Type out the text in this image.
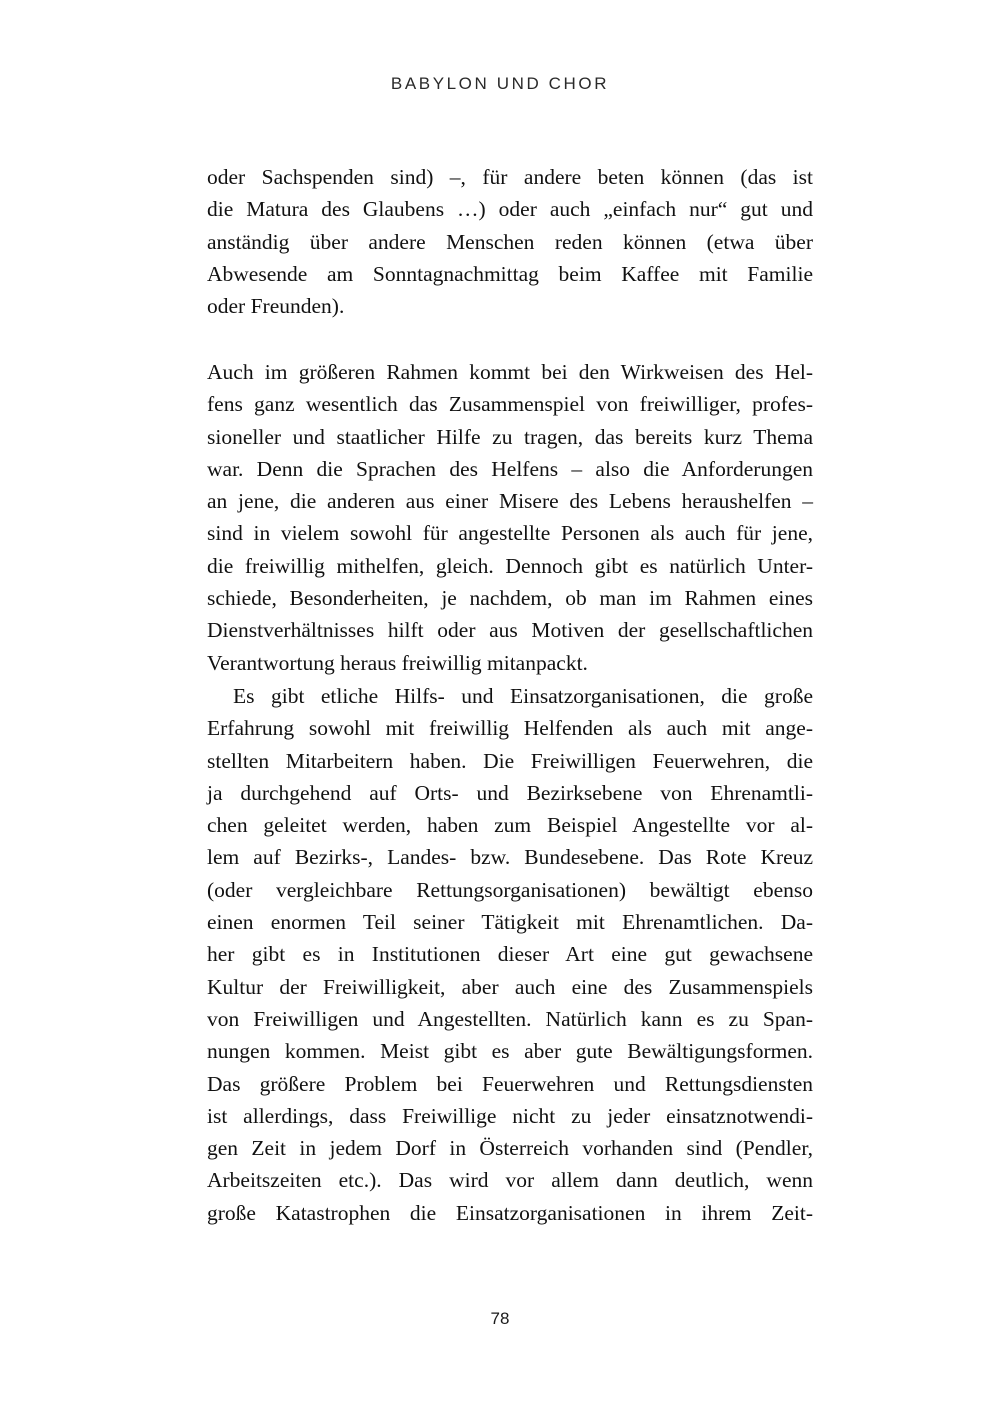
BABYLON UND CHOR
oder Sachspenden sind) –, für andere beten können (das ist
die Matura des Glaubens …) oder auch „einfach nur“ gut und
anständig über andere Menschen reden können (etwa über
Abwesende am Sonntagnachmittag beim Kaffee mit Familie
oder Freunden).
Auch im größeren Rahmen kommt bei den Wirkweisen des Hel-
fens ganz wesentlich das Zusammenspiel von freiwilliger, profes-
sioneller und staatlicher Hilfe zu tragen, das bereits kurz Thema
war. Denn die Sprachen des Helfens – also die Anforderungen
an jene, die anderen aus einer Misere des Lebens heraushelfen –
sind in vielem sowohl für angestellte Personen als auch für jene,
die freiwillig mithelfen, gleich. Dennoch gibt es natürlich Unter-
schiede, Besonderheiten, je nachdem, ob man im Rahmen eines
Dienstverhältnisses hilft oder aus Motiven der gesellschaftlichen
Verantwortung heraus freiwillig mitanpackt.
Es gibt etliche Hilfs- und Einsatzorganisationen, die große
Erfahrung sowohl mit freiwillig Helfenden als auch mit ange-
stellten Mitarbeitern haben. Die Freiwilligen Feuerwehren, die
ja durchgehend auf Orts- und Bezirksebene von Ehrenamtli-
chen geleitet werden, haben zum Beispiel Angestellte vor al-
lem auf Bezirks-, Landes- bzw. Bundesebene. Das Rote Kreuz
(oder vergleichbare Rettungsorganisationen) bewältigt ebenso
einen enormen Teil seiner Tätigkeit mit Ehrenamtlichen. Da-
her gibt es in Institutionen dieser Art eine gut gewachsene
Kultur der Freiwilligkeit, aber auch eine des Zusammenspiels
von Freiwilligen und Angestellten. Natürlich kann es zu Span-
nungen kommen. Meist gibt es aber gute Bewältigungsformen.
Das größere Problem bei Feuerwehren und Rettungsdiensten
ist allerdings, dass Freiwillige nicht zu jeder einsatznotwendi-
gen Zeit in jedem Dorf in Österreich vorhanden sind (Pendler,
Arbeitszeiten etc.). Das wird vor allem dann deutlich, wenn
große Katastrophen die Einsatzorganisationen in ihrem Zeit-
78
